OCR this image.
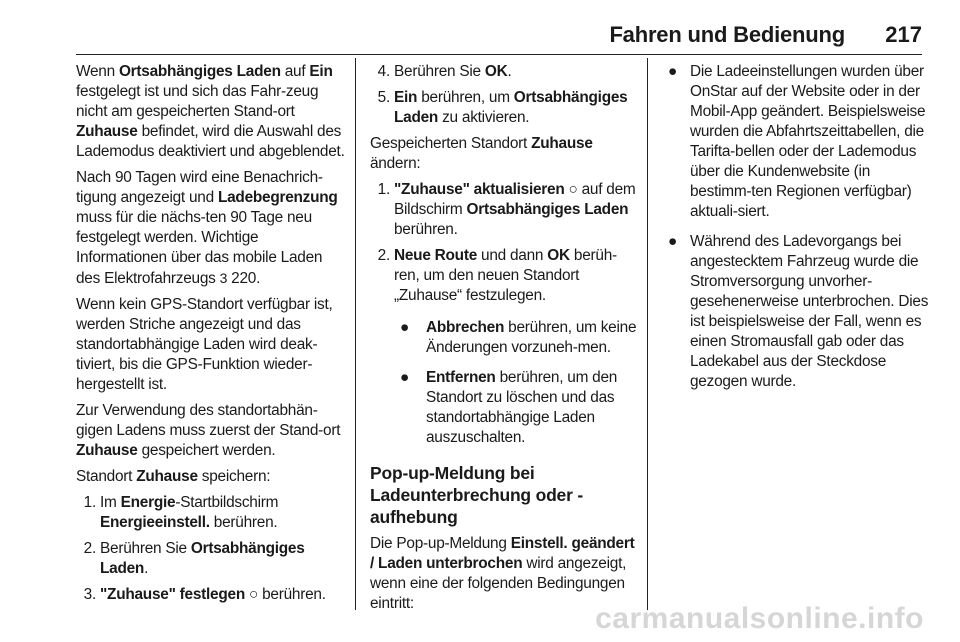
Fahren und Bedienung 217

Wenn Ortsabhängiges Laden auf Ein festgelegt ist und sich das Fahr-zeug nicht am gespeicherten Stand-ort Zuhause befindet, wird die Auswahl des Lademodus deaktiviert und abgeblendet.

Nach 90 Tagen wird eine Benachrich-tigung angezeigt und Ladebegrenzung muss für die nächs-ten 90 Tage neu festgelegt werden. Wichtige Informationen über das mobile Laden des Elektrofahrzeugs 3 220.

Wenn kein GPS-Standort verfügbar ist, werden Striche angezeigt und das standortabhängige Laden wird deak-tiviert, bis die GPS-Funktion wieder-hergestellt ist.

Zur Verwendung des standortabhän-gigen Ladens muss zuerst der Stand-ort Zuhause gespeichert werden.

Standort Zuhause speichern:

1. Im Energie-Startbildschirm Energieeinstell. berühren.
2. Berühren Sie Ortsabhängiges Laden.
3. "Zuhause" festlegen ○ berühren.
4. Berühren Sie OK.
5. Ein berühren, um Ortsabhängiges Laden zu aktivieren.

Gespeicherten Standort Zuhause ändern:

1. "Zuhause" aktualisieren ○ auf dem Bildschirm Ortsabhängiges Laden berühren.
2. Neue Route und dann OK berüh-ren, um den neuen Standort „Zuhause“ festzulegen.
● Abbrechen berühren, um keine Änderungen vorzuneh-men.
● Entfernen berühren, um den Standort zu löschen und das standortabhängige Laden auszuschalten.
Pop-up-Meldung bei Ladeunterbrechung oder -aufhebung

Die Pop-up-Meldung Einstell. geändert / Laden unterbrochen wird angezeigt, wenn eine der folgenden Bedingungen eintritt:

● Die Ladeeinstellungen wurden über OnStar auf der Website oder in der Mobil-App geändert. Beispielsweise wurden die Abfahrtszeittabellen, die Tarifta-bellen oder der Lademodus über die Kundenwebsite (in bestimm-ten Regionen verfügbar) aktuali-siert.
● Während des Ladevorgangs bei angestecktem Fahrzeug wurde die Stromversorgung unvorher-gesehenerweise unterbrochen. Dies ist beispielsweise der Fall, wenn es einen Stromausfall gab oder das Ladekabel aus der Steckdose gezogen wurde.
carmanualsonline.info
